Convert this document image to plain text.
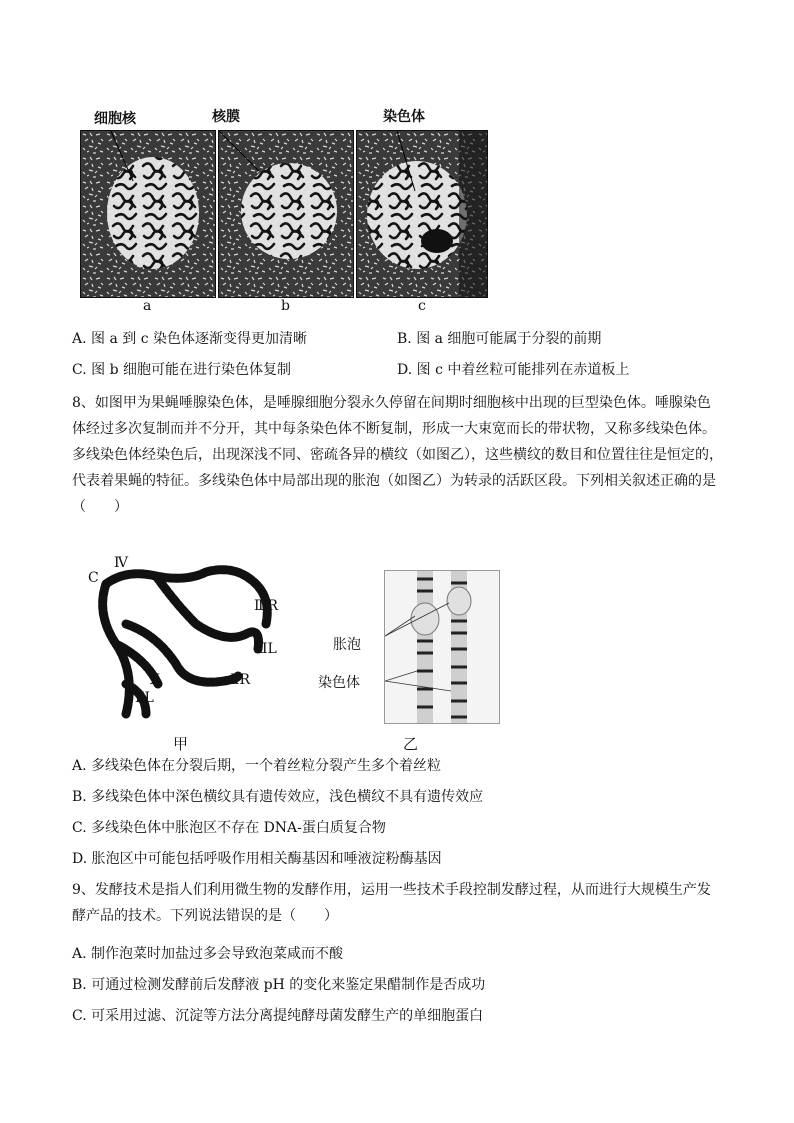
细胞核	核膜	染色体
a	b	c
A. 图 a 到 c 染色体逐渐变得更加清晰	B. 图 a 细胞可能属于分裂的前期
C. 图 b 细胞可能在进行染色体复制	D. 图 c 中着丝粒可能排列在赤道板上
8、如图甲为果蝇唾腺染色体，是唾腺细胞分裂永久停留在间期时细胞核中出现的巨型染色体。唾腺染色体经过多次复制而并不分开，其中每条染色体不断复制，形成一大束宽而长的带状物，又称多线染色体。多线染色体经染色后，出现深浅不同、密疏各异的横纹（如图乙），这些横纹的数目和位置往往是恒定的，代表着果蝇的特征。多线染色体中局部出现的胀泡（如图乙）为转录的活跃区段。下列相关叙述正确的是（　　）
Ⅳ
C
ⅢR
ⅢL
X	ⅡR
ⅡL
甲
胀泡
染色体
乙
A. 多线染色体在分裂后期，一个着丝粒分裂产生多个着丝粒
B. 多线染色体中深色横纹具有遗传效应，浅色横纹不具有遗传效应
C. 多线染色体中胀泡区不存在 DNA-蛋白质复合物
D. 胀泡区中可能包括呼吸作用相关酶基因和唾液淀粉酶基因
9、发酵技术是指人们利用微生物的发酵作用，运用一些技术手段控制发酵过程，从而进行大规模生产发酵产品的技术。下列说法错误的是（　　）
A. 制作泡菜时加盐过多会导致泡菜咸而不酸
B. 可通过检测发酵前后发酵液 pH 的变化来鉴定果醋制作是否成功
C. 可采用过滤、沉淀等方法分离提纯酵母菌发酵生产的单细胞蛋白
